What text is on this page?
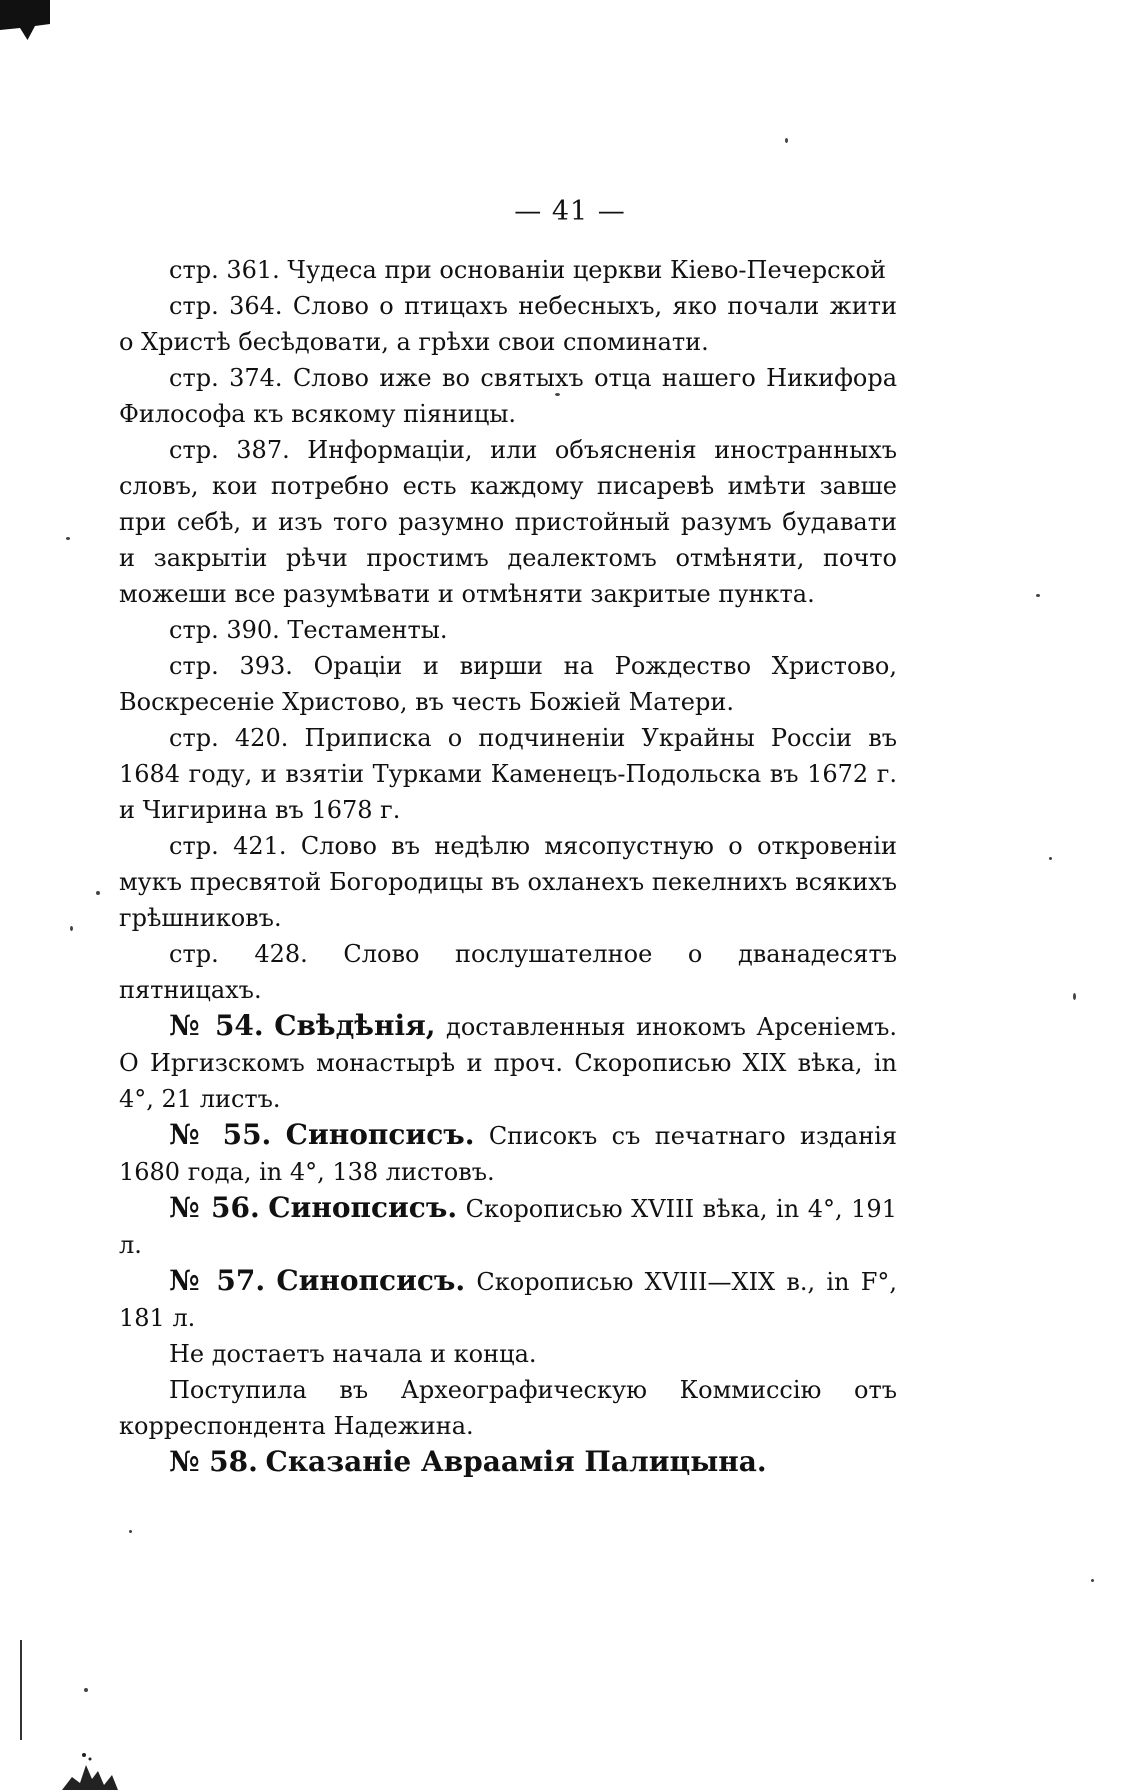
— 41 —

стр. 361. Чудеса при основаніи церкви Кіево-Печерской

стр. 364. Слово о птицахъ небесныхъ, яко почали жити о Христѣ бесѣдовати, а грѣхи свои споминати.

стр. 374. Слово иже во святыхъ отца нашего Никифора Философа къ всякому піяницы.

стр. 387. Информаціи, или объясненія иностранныхъ словъ, кои потребно есть каждому писаревѣ имѣти завше при себѣ, и изъ того разумно пристойный разумъ будавати и закрытіи рѣчи простимъ деалектомъ отмѣняти, почто можеши все разумѣвати и отмѣняти закритые пункта.

стр. 390. Тестаменты.

стр. 393. Ораціи и вирши на Рождество Христово, Воскресеніе Христово, въ честь Божіей Матери.

стр. 420. Приписка о подчиненіи Украйны Россіи въ 1684 году, и взятіи Турками Каменецъ-Подольска въ 1672 г. и Чигирина въ 1678 г.

стр. 421. Слово въ недѣлю мясопустную о откровеніи мукъ пресвятой Богородицы въ охланехъ пекелнихъ всякихъ грѣшниковъ.

стр. 428. Слово послушателное о дванадесятъ пятницахъ.

№ 54. Свѣдѣнія, доставленныя инокомъ Арсеніемъ. О Иргизскомъ монастырѣ и проч. Скорописью XIX вѣка, in 4°, 21 листъ.

№ 55. Синопсисъ. Списокъ съ печатнаго изданія 1680 года, in 4°, 138 листовъ.

№ 56. Синопсисъ. Скорописью XVIII вѣка, in 4°, 191 л.

№ 57. Синопсисъ. Скорописью XVIII—XIX в., in F°, 181 л.

Не достаетъ начала и конца.

Поступила въ Археографическую Коммиссію отъ корреспондента Надежина.

№ 58. Сказаніе Авраамія Палицына.
